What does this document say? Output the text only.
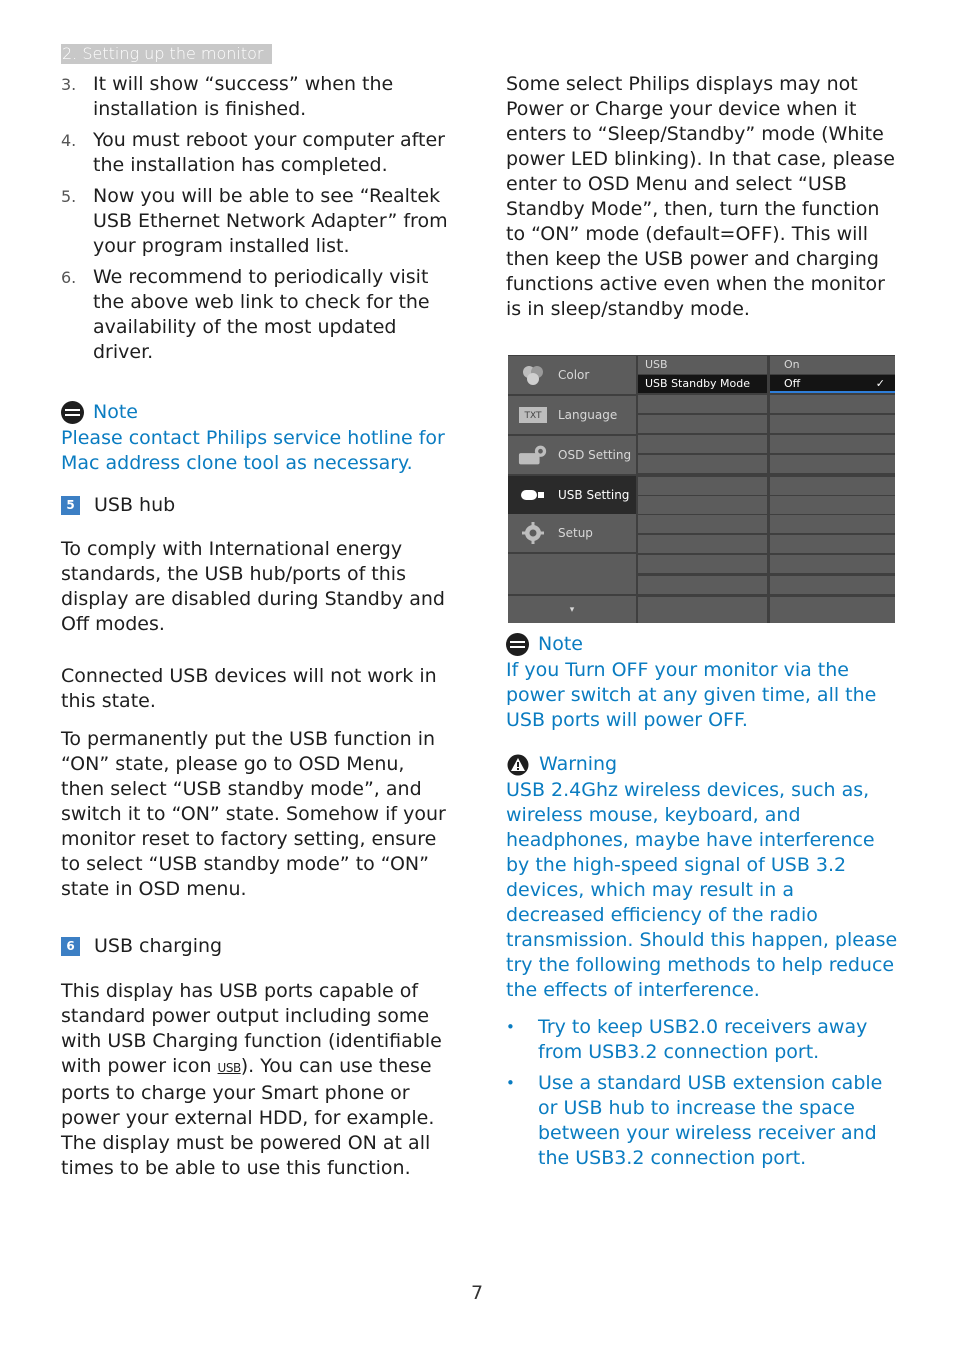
2. Setting up the monitor
3. It will show “success” when the installation is finished.
4. You must reboot your computer after the installation has completed.
5. Now you will be able to see “Realtek USB Ethernet Network Adapter” from your program installed list.
6. We recommend to periodically visit the above web link to check for the availability of the most updated driver.
Note

Please contact Philips service hotline for Mac address clone tool as necessary.

5 USB hub

To comply with International energy standards, the USB hub/ports of this display are disabled during Standby and Off modes.

Connected USB devices will not work in this state.

To permanently put the USB function in “ON” state, please go to OSD Menu, then select “USB standby mode”, and switch it to “ON” state. Somehow if your monitor reset to factory setting, ensure to select “USB standby mode” to “ON” state in OSD menu.

6 USB charging

This display has USB ports capable of standard power output including some with USB Charging function (identifiable with power icon USB). You can use these ports to charge your Smart phone or power your external HDD, for example. The display must be powered ON at all times to be able to use this function.

Some select Philips displays may not Power or Charge your device when it enters to “Sleep/Standby” mode (White power LED blinking). In that case, please enter to OSD Menu and select “USB Standby Mode”, then, turn the function to “ON” mode (default=OFF). This will then keep the USB power and charging functions active even when the monitor is in sleep/standby mode.

Color
TXT Language
OSD Setting
USB Setting
Setup
▾
USB
USB Standby Mode
On
Off	✓
Note

If you Turn OFF your monitor via the power switch at any given time, all the USB ports will power OFF.

Warning

USB 2.4Ghz wireless devices, such as, wireless mouse, keyboard, and headphones, maybe have interference by the high-speed signal of USB 3.2 devices, which may result in a decreased efficiency of the radio transmission. Should this happen, please try the following methods to help reduce the effects of interference.

• Try to keep USB2.0 receivers away from USB3.2 connection port.
• Use a standard USB extension cable or USB hub to increase the space between your wireless receiver and the USB3.2 connection port.
7
